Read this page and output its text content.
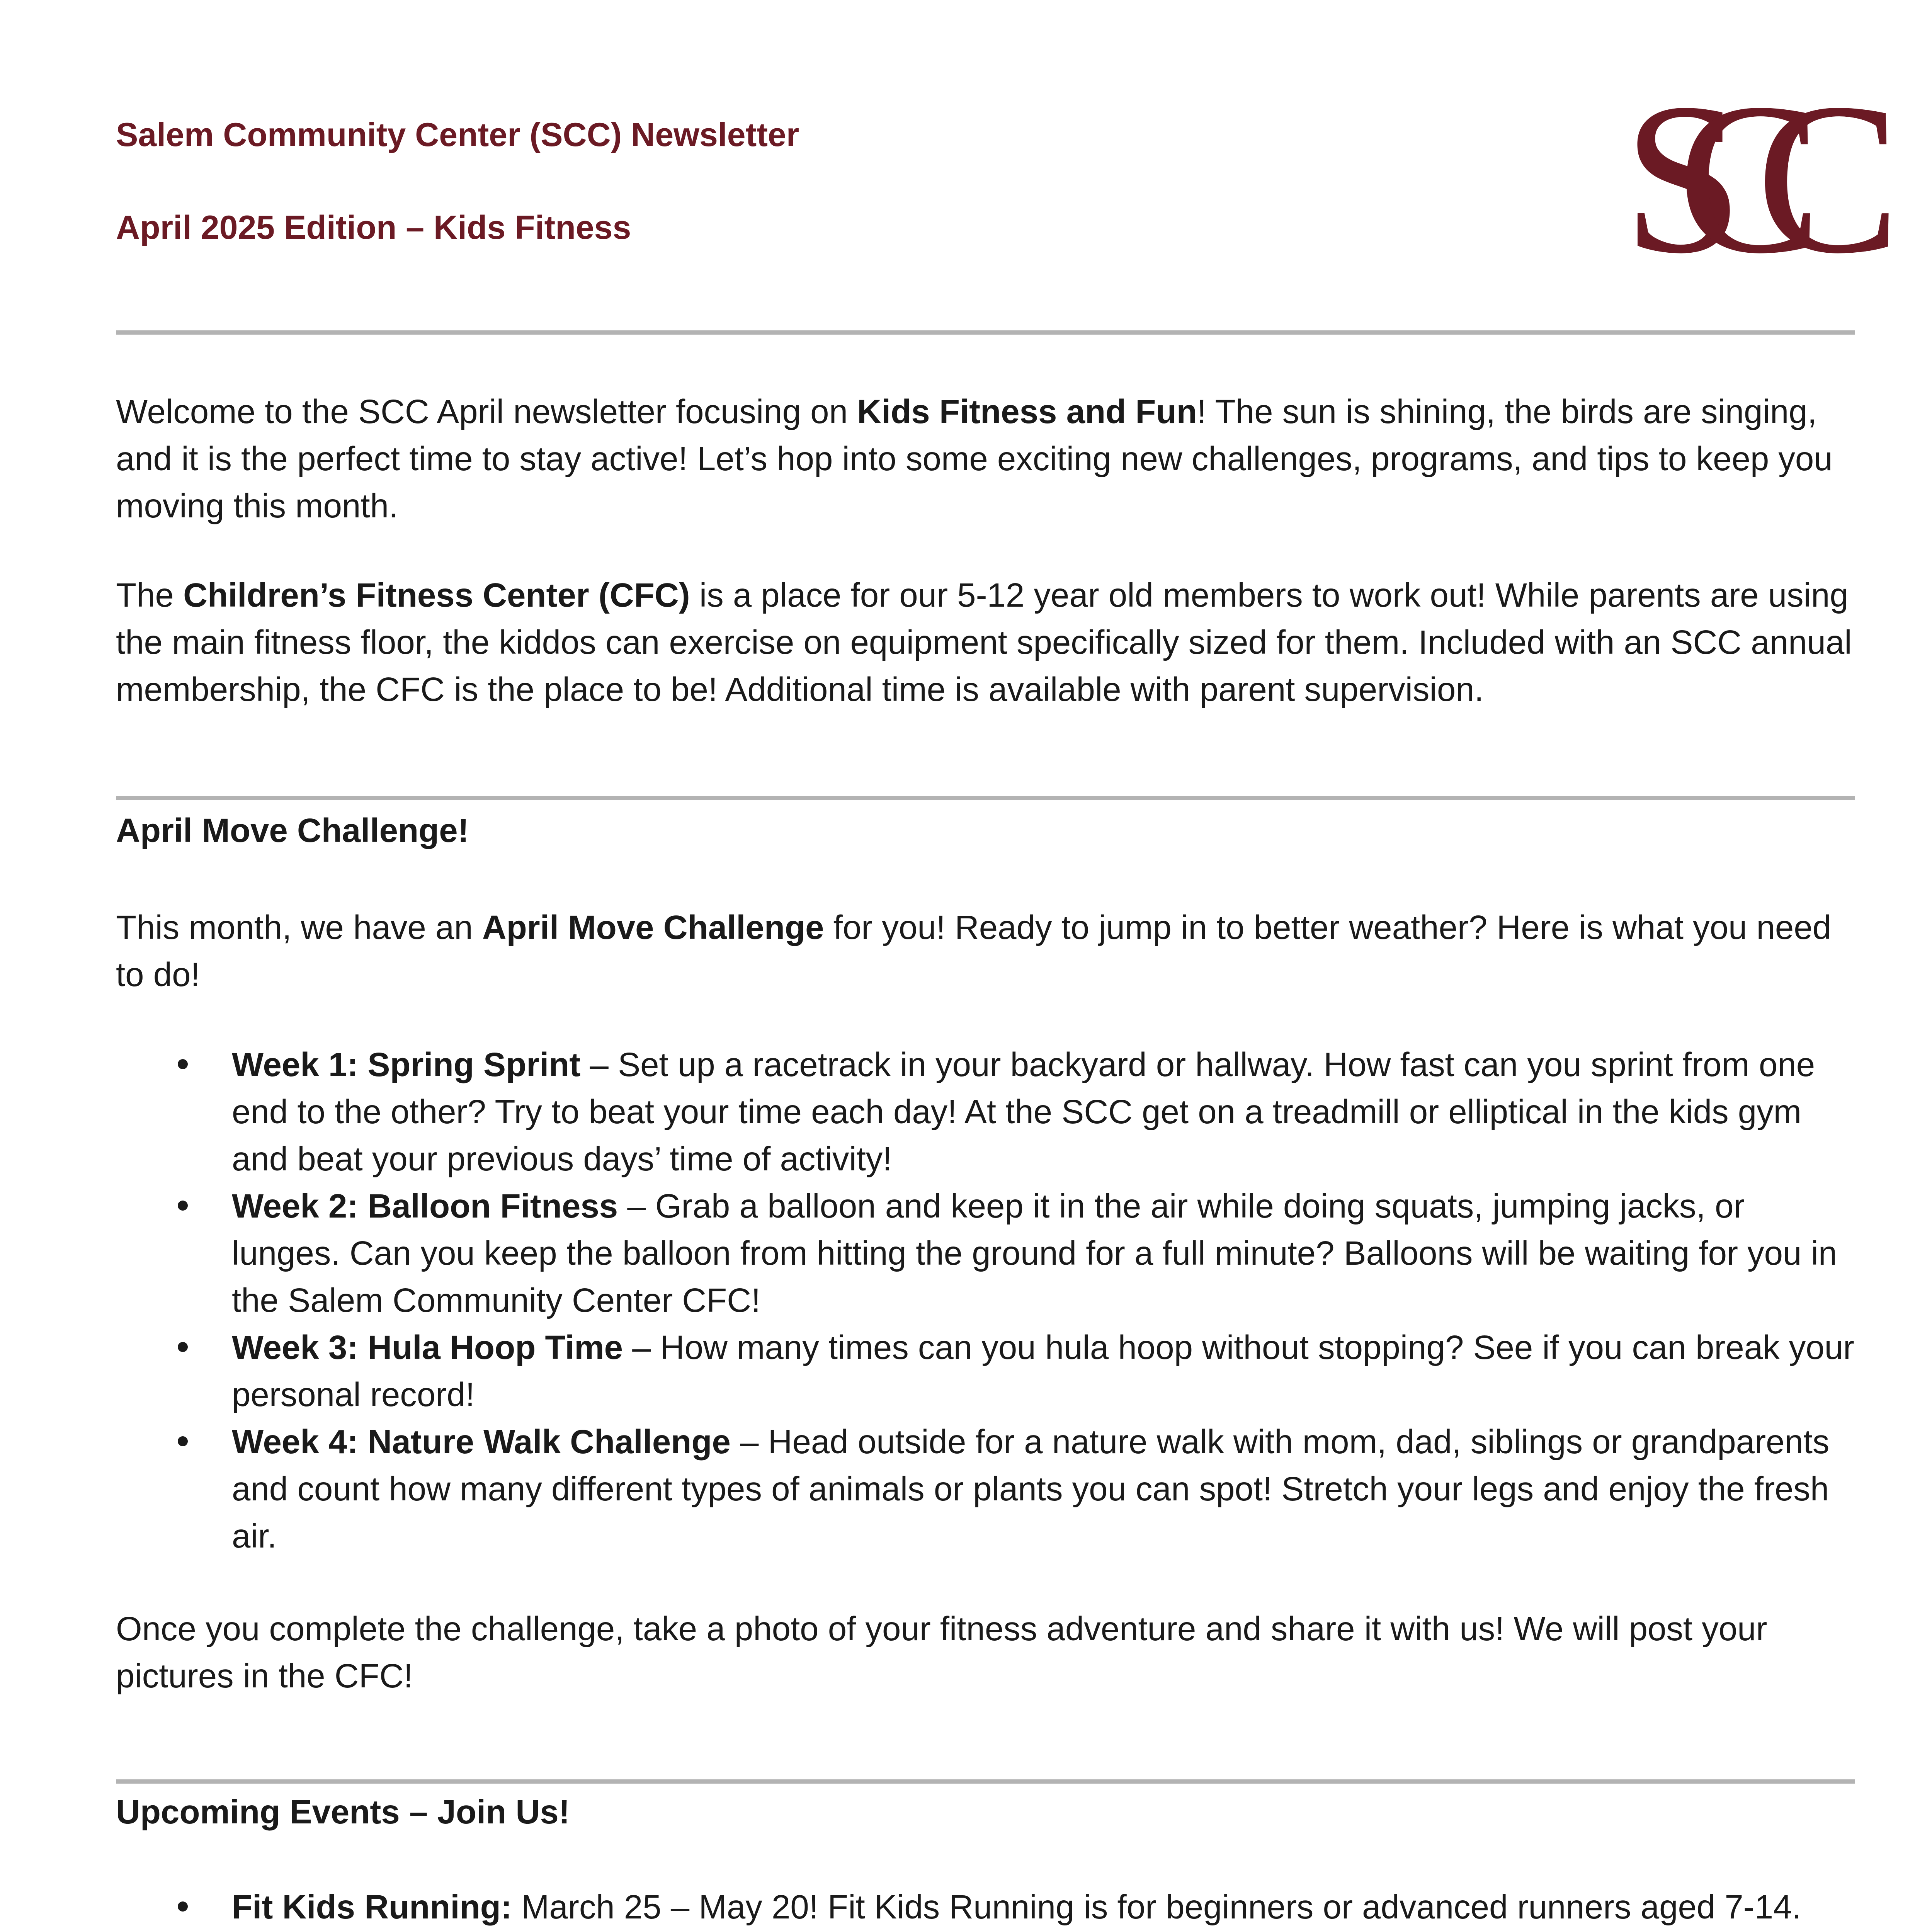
Salem Community Center (SCC) Newsletter
April 2025 Edition – Kids Fitness	SCC
Welcome to the SCC April newsletter focusing on Kids Fitness and Fun! The sun is shining, the birds are singing, and it is the perfect time to stay active! Let’s hop into some exciting new challenges, programs, and tips to keep you moving this month.
The Children’s Fitness Center (CFC) is a place for our 5-12 year old members to work out! While parents are using the main fitness floor, the kiddos can exercise on equipment specifically sized for them. Included with an SCC annual membership, the CFC is the place to be! Additional time is available with parent supervision.
April Move Challenge!
This month, we have an April Move Challenge for you! Ready to jump in to better weather? Here is what you need to do!
Week 1: Spring Sprint – Set up a racetrack in your backyard or hallway. How fast can you sprint from one end to the other? Try to beat your time each day! At the SCC get on a treadmill or elliptical in the kids gym and beat your previous days’ time of activity!
Week 2: Balloon Fitness – Grab a balloon and keep it in the air while doing squats, jumping jacks, or lunges. Can you keep the balloon from hitting the ground for a full minute? Balloons will be waiting for you in the Salem Community Center CFC!
Week 3: Hula Hoop Time – How many times can you hula hoop without stopping? See if you can break your personal record!
Week 4: Nature Walk Challenge – Head outside for a nature walk with mom, dad, siblings or grandparents and count how many different types of animals or plants you can spot! Stretch your legs and enjoy the fresh air.
Once you complete the challenge, take a photo of your fitness adventure and share it with us! We will post your pictures in the CFC!
Upcoming Events – Join Us!
Fit Kids Running: March 25 – May 20! Fit Kids Running is for beginners or advanced runners aged 7-14.
